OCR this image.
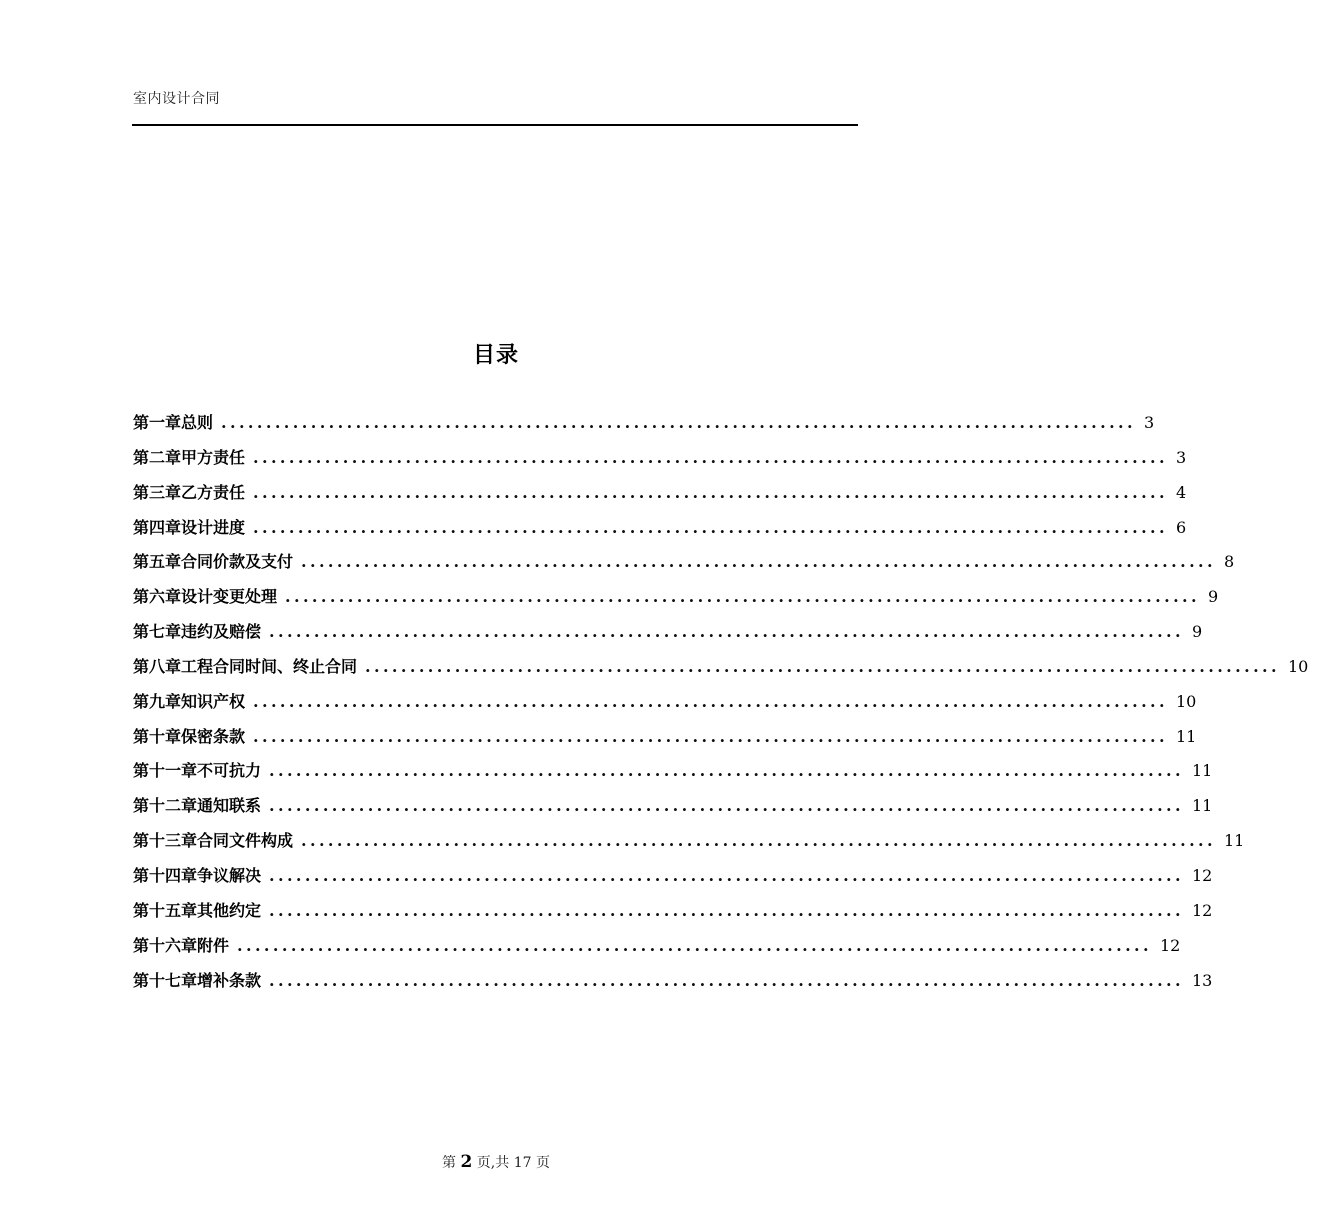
室内设计合同
目录
第一章总则 ...................................................................................................... 3
第二章甲方责任 ...................................................................................................... 3
第三章乙方责任 ...................................................................................................... 4
第四章设计进度 ...................................................................................................... 6
第五章合同价款及支付 ...................................................................................................... 8
第六章设计变更处理 ...................................................................................................... 9
第七章违约及赔偿 ...................................................................................................... 9
第八章工程合同时间、终止合同 ...................................................................................................... 10
第九章知识产权 ...................................................................................................... 10
第十章保密条款 ...................................................................................................... 11
第十一章不可抗力 ...................................................................................................... 11
第十二章通知联系 ...................................................................................................... 11
第十三章合同文件构成 ...................................................................................................... 11
第十四章争议解决 ...................................................................................................... 12
第十五章其他约定 ...................................................................................................... 12
第十六章附件 ...................................................................................................... 12
第十七章增补条款 ...................................................................................................... 13
第 2 页,共 17 页
